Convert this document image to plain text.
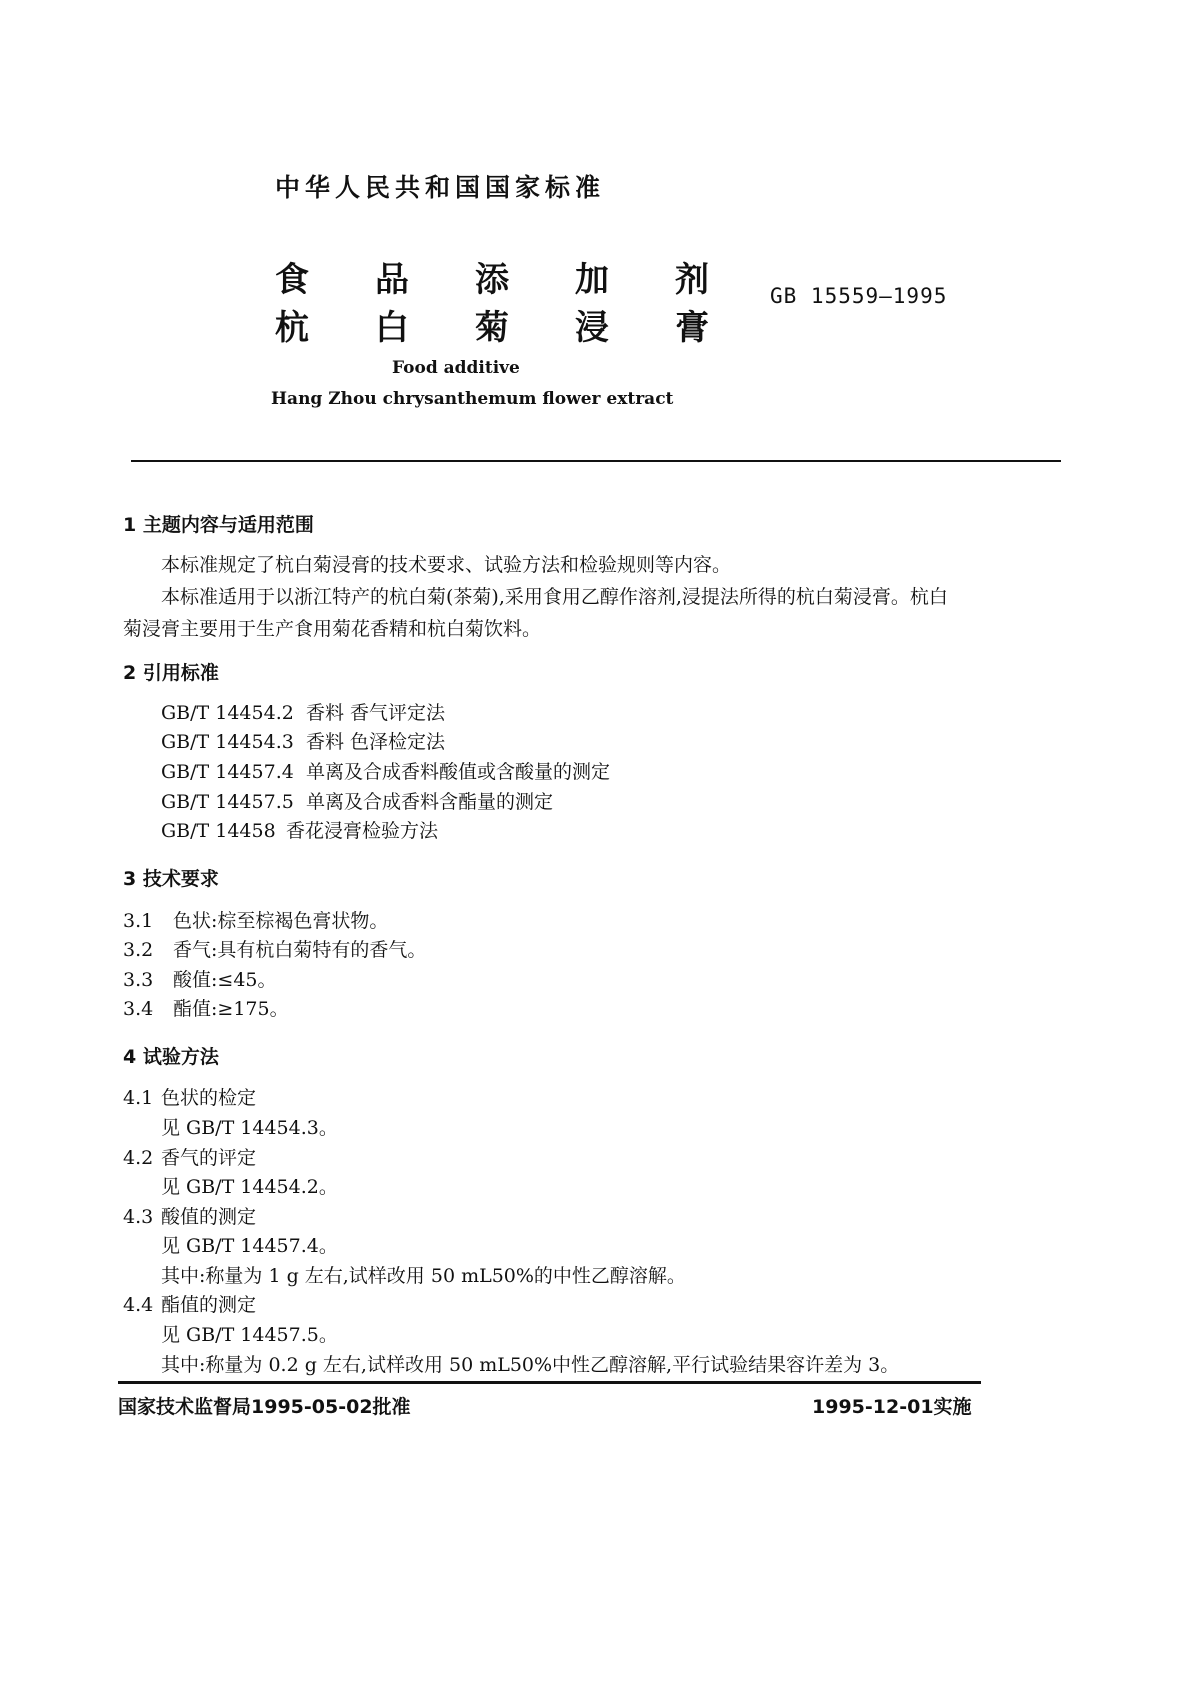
中华人民共和国国家标准
食 品 添 加 剂
杭 白 菊 浸 膏
GB 15559—1995
Food additive
Hang Zhou chrysanthemum flower extract
1 主题内容与适用范围
本标准规定了杭白菊浸膏的技术要求、试验方法和检验规则等内容。
本标准适用于以浙江特产的杭白菊(茶菊),采用食用乙醇作溶剂,浸提法所得的杭白菊浸膏。杭白
菊浸膏主要用于生产食用菊花香精和杭白菊饮料。
2 引用标准
GB/T 14454.2 香料 香气评定法
GB/T 14454.3 香料 色泽检定法
GB/T 14457.4 单离及合成香料酸值或含酸量的测定
GB/T 14457.5 单离及合成香料含酯量的测定
GB/T 14458 香花浸膏检验方法
3 技术要求
3.1 色状:棕至棕褐色膏状物。
3.2 香气:具有杭白菊特有的香气。
3.3 酸值:≤45。
3.4 酯值:≥175。
4 试验方法
4.1 色状的检定
见 GB/T 14454.3。
4.2 香气的评定
见 GB/T 14454.2。
4.3 酸值的测定
见 GB/T 14457.4。
其中:称量为 1 g 左右,试样改用 50 mL50%的中性乙醇溶解。
4.4 酯值的测定
见 GB/T 14457.5。
其中:称量为 0.2 g 左右,试样改用 50 mL50%中性乙醇溶解,平行试验结果容许差为 3。
国家技术监督局1995-05-02批准	1995-12-01实施
